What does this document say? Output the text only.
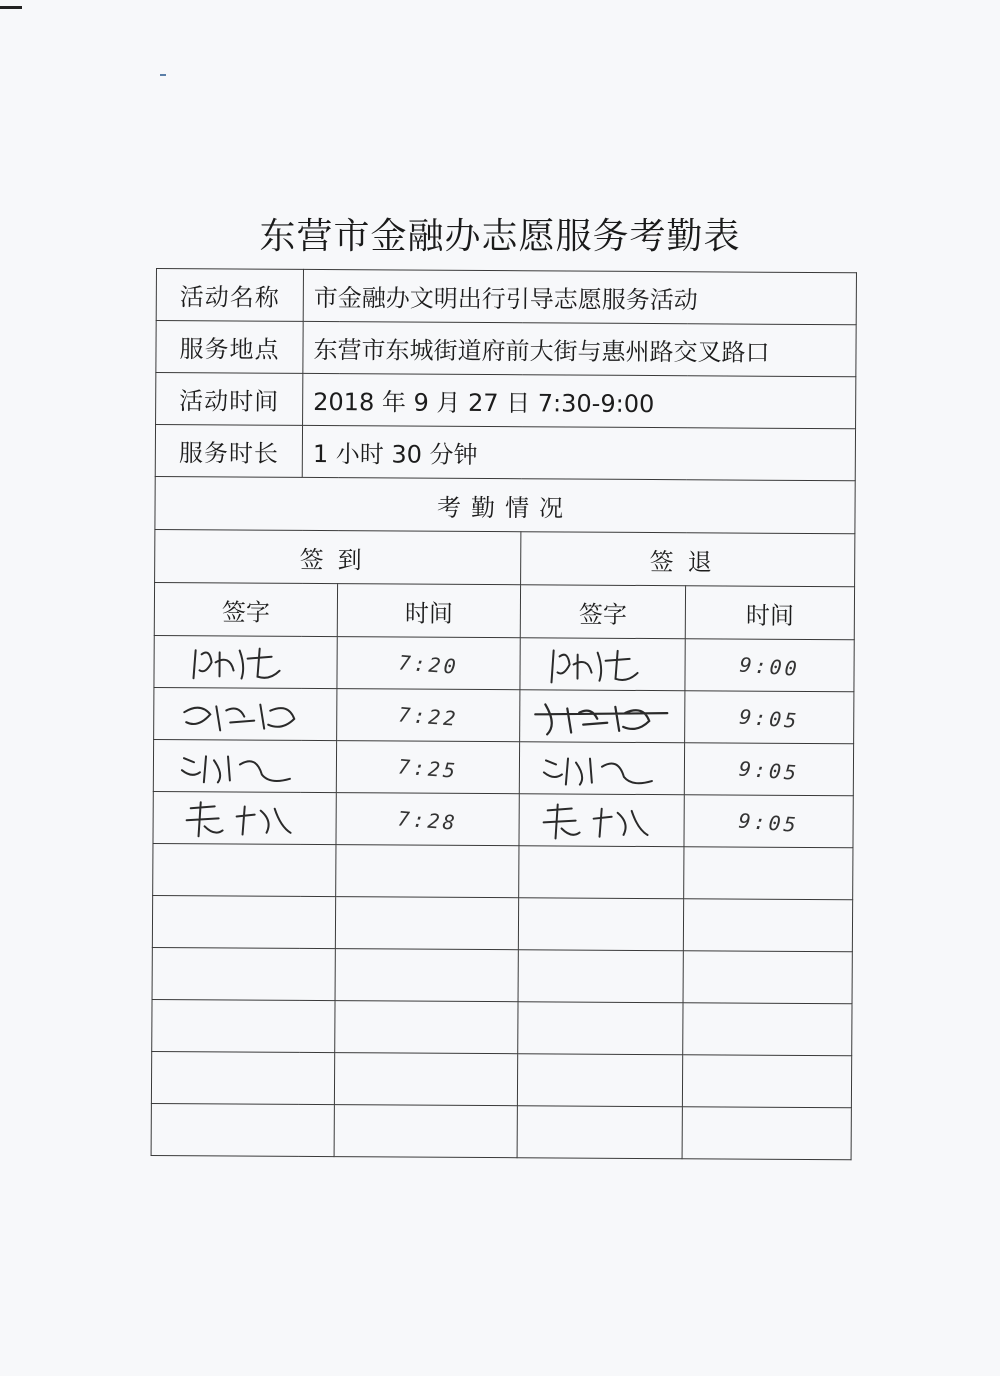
东营市金融办志愿服务考勤表
活动名称	市金融办文明出行引导志愿服务活动			
服务地点	东营市东城街道府前大街与惠州路交叉路口			
活动时间	2018 年 9 月 27 日 7:30-9:00			
服务时长	1 小时 30 分钟			
考勤情况				
签到			签退	
签字		时间	签字	时间

	7:20		9:00

	7:22		9:05

	7:25		9:05

	7:28		9:05
